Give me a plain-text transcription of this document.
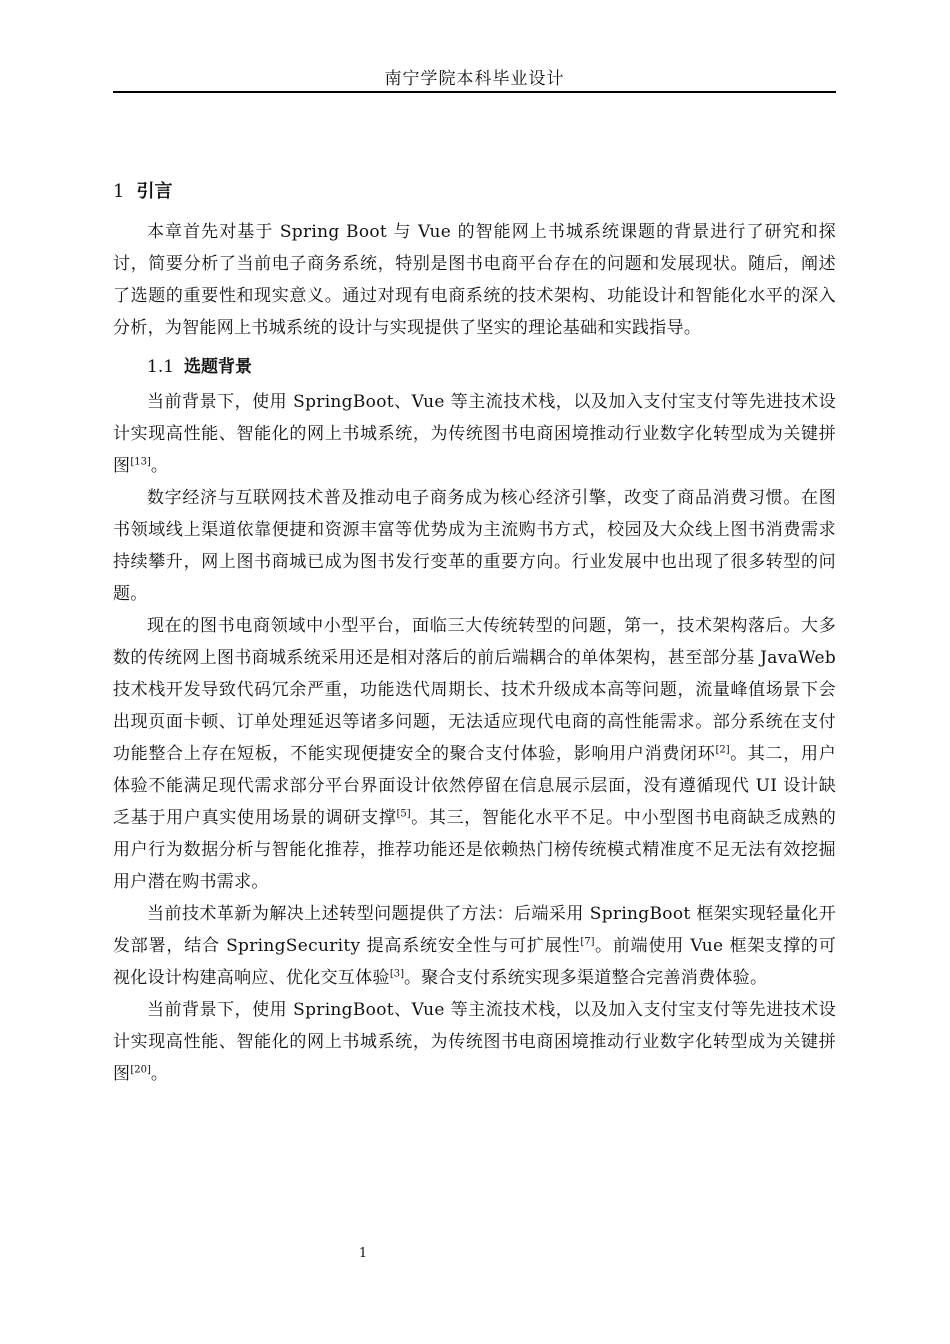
南宁学院本科毕业设计
1 引言

本章首先对基于 Spring Boot 与 Vue 的智能网上书城系统课题的背景进行了研究和探讨，简要分析了当前电子商务系统，特别是图书电商平台存在的问题和发展现状。随后，阐述了选题的重要性和现实意义。通过对现有电商系统的技术架构、功能设计和智能化水平的深入分析，为智能网上书城系统的设计与实现提供了坚实的理论基础和实践指导。

1.1 选题背景

当前背景下，使用 SpringBoot、Vue 等主流技术栈，以及加入支付宝支付等先进技术设计实现高性能、智能化的网上书城系统，为传统图书电商困境推动行业数字化转型成为关键拼图[13]。

数字经济与互联网技术普及推动电子商务成为核心经济引擎，改变了商品消费习惯。在图书领域线上渠道依靠便捷和资源丰富等优势成为主流购书方式，校园及大众线上图书消费需求持续攀升，网上图书商城已成为图书发行变革的重要方向。行业发展中也出现了很多转型的问题。

现在的图书电商领域中小型平台，面临三大传统转型的问题，第一，技术架构落后。大多数的传统网上图书商城系统采用还是相对落后的前后端耦合的单体架构，甚至部分基 JavaWeb 技术栈开发导致代码冗余严重，功能迭代周期长、技术升级成本高等问题，流量峰值场景下会出现页面卡顿、订单处理延迟等诸多问题，无法适应现代电商的高性能需求。部分系统在支付功能整合上存在短板，不能实现便捷安全的聚合支付体验，影响用户消费闭环[2]。其二，用户体验不能满足现代需求部分平台界面设计依然停留在信息展示层面，没有遵循现代 UI 设计缺乏基于用户真实使用场景的调研支撑[5]。其三，智能化水平不足。中小型图书电商缺乏成熟的用户行为数据分析与智能化推荐，推荐功能还是依赖热门榜传统模式精准度不足无法有效挖掘用户潜在购书需求。

当前技术革新为解决上述转型问题提供了方法：后端采用 SpringBoot 框架实现轻量化开发部署，结合 SpringSecurity 提高系统安全性与可扩展性[7]。前端使用 Vue 框架支撑的可视化设计构建高响应、优化交互体验[3]。聚合支付系统实现多渠道整合完善消费体验。

当前背景下，使用 SpringBoot、Vue 等主流技术栈，以及加入支付宝支付等先进技术设计实现高性能、智能化的网上书城系统，为传统图书电商困境推动行业数字化转型成为关键拼图[20]。

1
